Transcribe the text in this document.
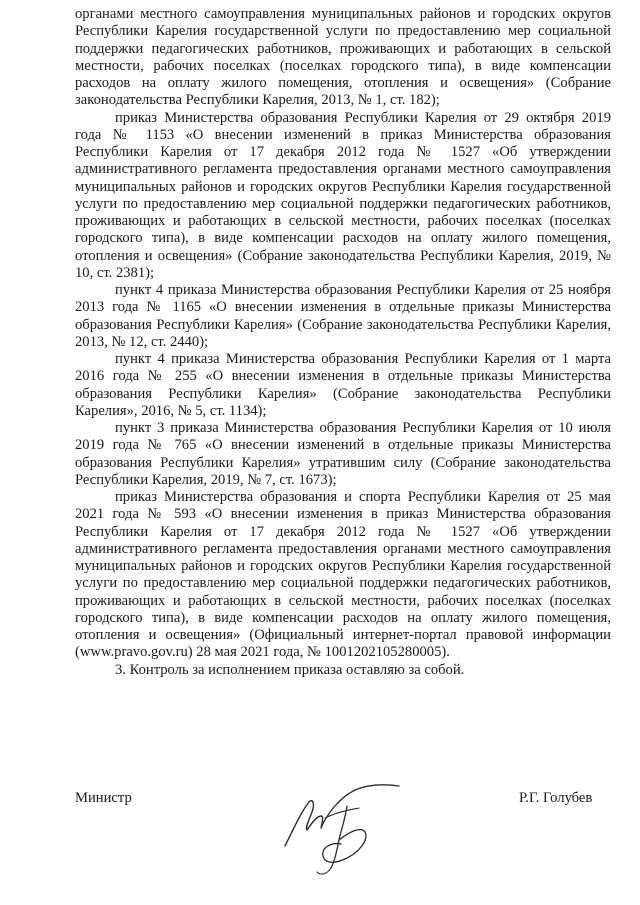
органами местного самоуправления муниципальных районов и городских округов Республики Карелия государственной услуги по предоставлению мер социальной поддержки педагогических работников, проживающих и работающих в сельской местности, рабочих поселках (поселках городского типа), в виде компенсации расходов на оплату жилого помещения, отопления и освещения» (Собрание законодательства Республики Карелия, 2013, № 1, ст. 182);

приказ Министерства образования Республики Карелия от 29 октября 2019 года № 1153 «О внесении изменений в приказ Министерства образования Республики Карелия от 17 декабря 2012 года № 1527 «Об утверждении административного регламента предоставления органами местного самоуправления муниципальных районов и городских округов Республики Карелия государственной услуги по предоставлению мер социальной поддержки педагогических работников, проживающих и работающих в сельской местности, рабочих поселках (поселках городского типа), в виде компенсации расходов на оплату жилого помещения, отопления и освещения» (Собрание законодательства Республики Карелия, 2019, № 10, ст. 2381);

пункт 4 приказа Министерства образования Республики Карелия от 25 ноября 2013 года № 1165 «О внесении изменения в отдельные приказы Министерства образования Республики Карелия» (Собрание законодательства Республики Карелия, 2013, № 12, ст. 2440);

пункт 4 приказа Министерства образования Республики Карелия от 1 марта 2016 года № 255 «О внесении изменения в отдельные приказы Министерства образования Республики Карелия» (Собрание законодательства Республики Карелия», 2016, № 5, ст. 1134);

пункт 3 приказа Министерства образования Республики Карелия от 10 июля 2019 года № 765 «О внесении изменений в отдельные приказы Министерства образования Республики Карелия» утратившим силу (Собрание законодательства Республики Карелия, 2019, № 7, ст. 1673);

приказ Министерства образования и спорта Республики Карелия от 25 мая 2021 года № 593 «О внесении изменения в приказ Министерства образования Республики Карелия от 17 декабря 2012 года № 1527 «Об утверждении административного регламента предоставления органами местного самоуправления муниципальных районов и городских округов Республики Карелия государственной услуги по предоставлению мер социальной поддержки педагогических работников, проживающих и работающих в сельской местности, рабочих поселках (поселках городского типа), в виде компенсации расходов на оплату жилого помещения, отопления и освещения» (Официальный интернет-портал правовой информации (www.pravo.gov.ru) 28 мая 2021 года, № 1001202105280005).

3. Контроль за исполнением приказа оставляю за собой.

Министр	Р.Г. Голубев
